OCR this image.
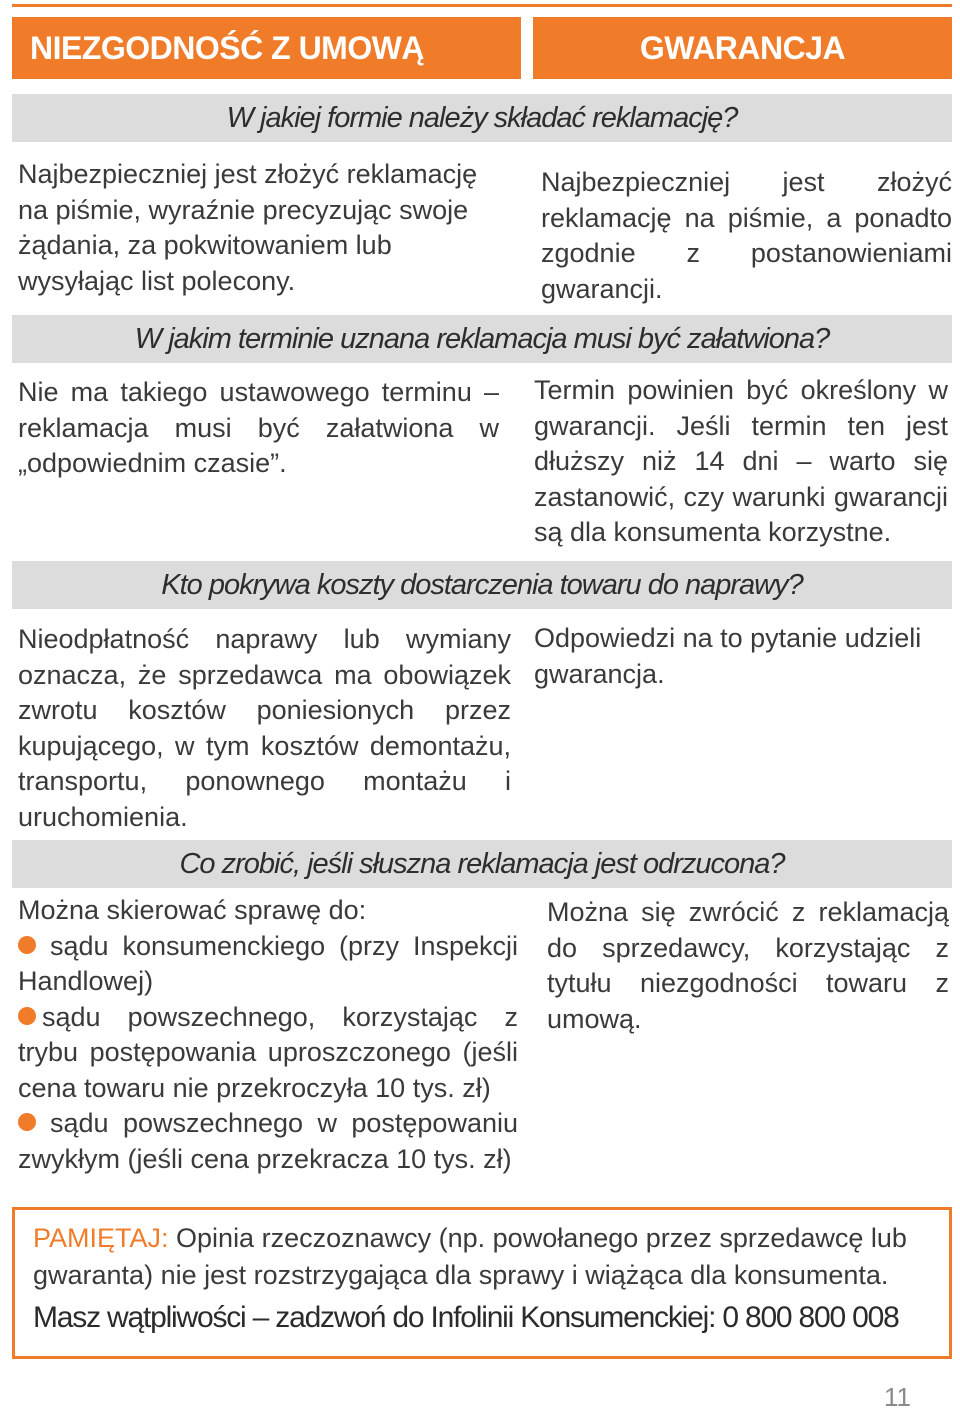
NIEZGODNOŚĆ Z UMOWĄ	GWARANCJA
W jakiej formie należy składać reklamację?

Najbezpieczniej jest złożyć reklamację na piśmie, wyraźnie precyzując swoje żądania, za pokwitowaniem lub wysyłając list polecony.

Najbezpieczniej jest złożyć reklamację na piśmie, a ponadto zgodnie z postanowieniami gwarancji.

W jakim terminie uznana reklamacja musi być załatwiona?

Nie ma takiego ustawowego terminu – reklamacja musi być załatwiona w „odpowiednim czasie”.

Termin powinien być określony w gwarancji. Jeśli termin ten jest dłuższy niż 14 dni – warto się zastanowić, czy warunki gwarancji są dla konsumenta korzystne.

Kto pokrywa koszty dostarczenia towaru do naprawy?

Nieodpłatność naprawy lub wymiany oznacza, że sprzedawca ma obowiązek zwrotu kosztów poniesionych przez kupującego, w tym kosztów demontażu, transportu, ponownego montażu i uruchomienia.

Odpowiedzi na to pytanie udzieli gwarancja.

Co zrobić, jeśli słuszna reklamacja jest odrzucona?
Można skierować sprawę do:
sądu konsumenckiego (przy Inspekcji Handlowej)
sądu powszechnego, korzystając z trybu postępowania uproszczonego (jeśli cena towaru nie przekroczyła 10 tys. zł)
sądu powszechnego w postępowaniu zwykłym (jeśli cena przekracza 10 tys. zł)

Można się zwrócić z reklamacją do sprzedawcy, korzystając z tytułu niezgodności towaru z umową.

PAMIĘTAJ: Opinia rzeczoznawcy (np. powołanego przez sprzedawcę lub gwaranta) nie jest rozstrzygająca dla sprawy i wiążąca dla konsumenta.

Masz wątpliwości – zadzwoń do Infolinii Konsumenckiej: 0 800 800 008

11
